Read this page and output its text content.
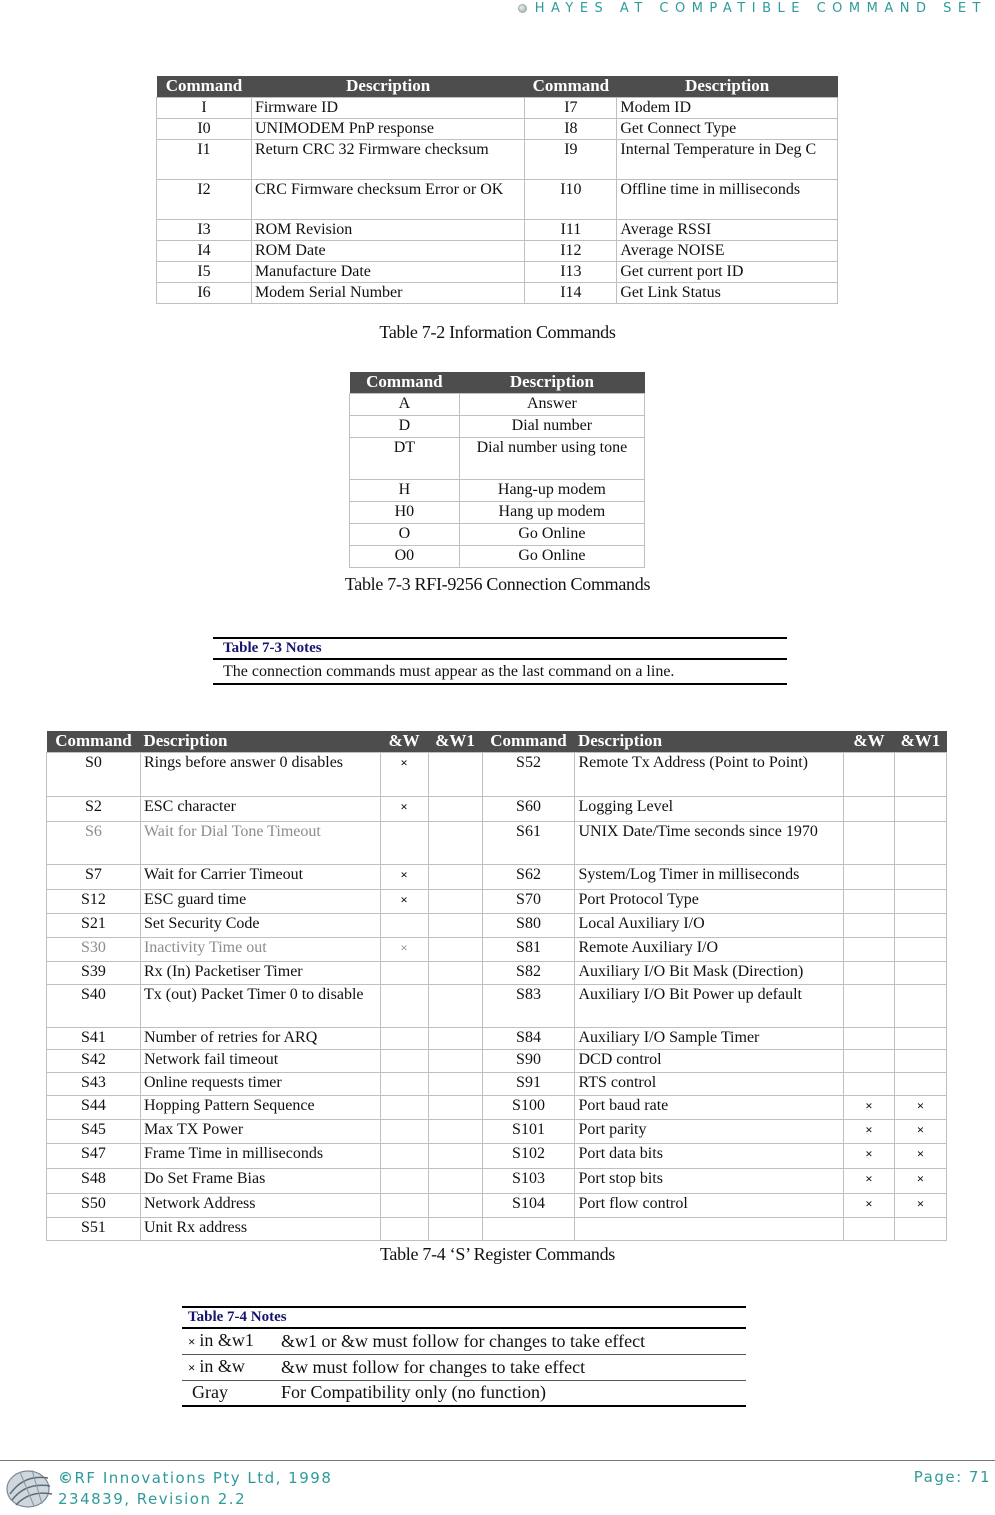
HAYES AT COMPATIBLE COMMAND SET
Command	Description	Command	Description
I	Firmware ID	I7	Modem ID
I0	UNIMODEM PnP response	I8	Get Connect Type
I1	Return CRC 32 Firmware checksum	I9	Internal Temperature in Deg C
I2	CRC Firmware checksum Error or OK	I10	Offline time in milliseconds
I3	ROM Revision	I11	Average RSSI
I4	ROM Date	I12	Average NOISE
I5	Manufacture Date	I13	Get current port ID
I6	Modem Serial Number	I14	Get Link Status
Table 7-2 Information Commands
Command	Description
A	Answer
D	Dial number
DT	Dial number using tone
H	Hang-up modem
H0	Hang up modem
O	Go Online
O0	Go Online
Table 7-3 RFI-9256 Connection Commands
Table 7-3 Notes
The connection commands must appear as the last command on a line.
Command	Description	&W	&W1	Command	Description	&W	&W1
S0	Rings before answer 0 disables	×		S52	Remote Tx Address (Point to Point)		
S2	ESC character	×		S60	Logging Level		
S6	Wait for Dial Tone Timeout			S61	UNIX Date/Time seconds since 1970		
S7	Wait for Carrier Timeout	×		S62	System/Log Timer in milliseconds		
S12	ESC guard time	×		S70	Port Protocol Type		
S21	Set Security Code			S80	Local Auxiliary I/O		
S30	Inactivity Time out	×		S81	Remote Auxiliary I/O		
S39	Rx (In) Packetiser Timer			S82	Auxiliary I/O Bit Mask (Direction)		
S40	Tx (out) Packet Timer 0 to disable			S83	Auxiliary I/O Bit Power up default		
S41	Number of retries for ARQ			S84	Auxiliary I/O Sample Timer		
S42	Network fail timeout			S90	DCD control		
S43	Online requests timer			S91	RTS control		
S44	Hopping Pattern Sequence			S100	Port baud rate	×	×
S45	Max TX Power			S101	Port parity	×	×
S47	Frame Time in milliseconds			S102	Port data bits	×	×
S48	Do Set Frame Bias			S103	Port stop bits	×	×
S50	Network Address			S104	Port flow control	×	×
S51	Unit Rx address						
Table 7-4 ‘S’ Register Commands
Table 7-4 Notes	
× in &w1	&w1 or &w must follow for changes to take effect
× in &w	&w must follow for changes to take effect
Gray	For Compatibility only (no function)
©RF Innovations Pty Ltd, 1998
234839, Revision 2.2
Page: 71
